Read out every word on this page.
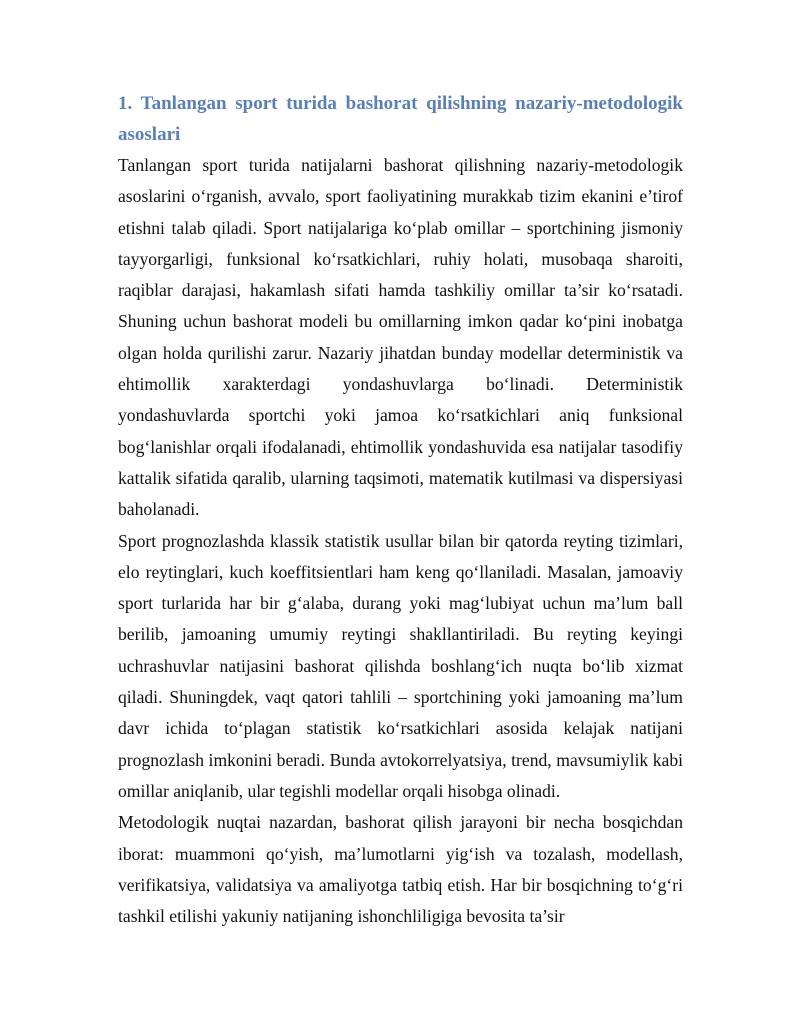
1. Tanlangan sport turida bashorat qilishning nazariy-metodologik asoslari

Tanlangan sport turida natijalarni bashorat qilishning nazariy-metodologik asoslarini o‘rganish, avvalo, sport faoliyatining murakkab tizim ekanini e’tirof etishni talab qiladi. Sport natijalariga ko‘plab omillar – sportchining jismoniy tayyorgarligi, funksional ko‘rsatkichlari, ruhiy holati, musobaqa sharoiti, raqiblar darajasi, hakamlash sifati hamda tashkiliy omillar ta’sir ko‘rsatadi. Shuning uchun bashorat modeli bu omillarning imkon qadar ko‘pini inobatga olgan holda qurilishi zarur. Nazariy jihatdan bunday modellar deterministik va ehtimollik xarakterdagi yondashuvlarga bo‘linadi. Deterministik yondashuvlarda sportchi yoki jamoa ko‘rsatkichlari aniq funksional bog‘lanishlar orqali ifodalanadi, ehtimollik yondashuvida esa natijalar tasodifiy kattalik sifatida qaralib, ularning taqsimoti, matematik kutilmasi va dispersiyasi baholanadi.

Sport prognozlashda klassik statistik usullar bilan bir qatorda reyting tizimlari, elo reytinglari, kuch koeffitsientlari ham keng qo‘llaniladi. Masalan, jamoaviy sport turlarida har bir g‘alaba, durang yoki mag‘lubiyat uchun ma’lum ball berilib, jamoaning umumiy reytingi shakllantiriladi. Bu reyting keyingi uchrashuvlar natijasini bashorat qilishda boshlang‘ich nuqta bo‘lib xizmat qiladi. Shuningdek, vaqt qatori tahlili – sportchining yoki jamoaning ma’lum davr ichida to‘plagan statistik ko‘rsatkichlari asosida kelajak natijani prognozlash imkonini beradi. Bunda avtokorrelyatsiya, trend, mavsumiylik kabi omillar aniqlanib, ular tegishli modellar orqali hisobga olinadi.

Metodologik nuqtai nazardan, bashorat qilish jarayoni bir necha bosqichdan iborat: muammoni qo‘yish, ma’lumotlarni yig‘ish va tozalash, modellash, verifikatsiya, validatsiya va amaliyotga tatbiq etish. Har bir bosqichning to‘g‘ri tashkil etilishi yakuniy natijaning ishonchliligiga bevosita ta’sir
